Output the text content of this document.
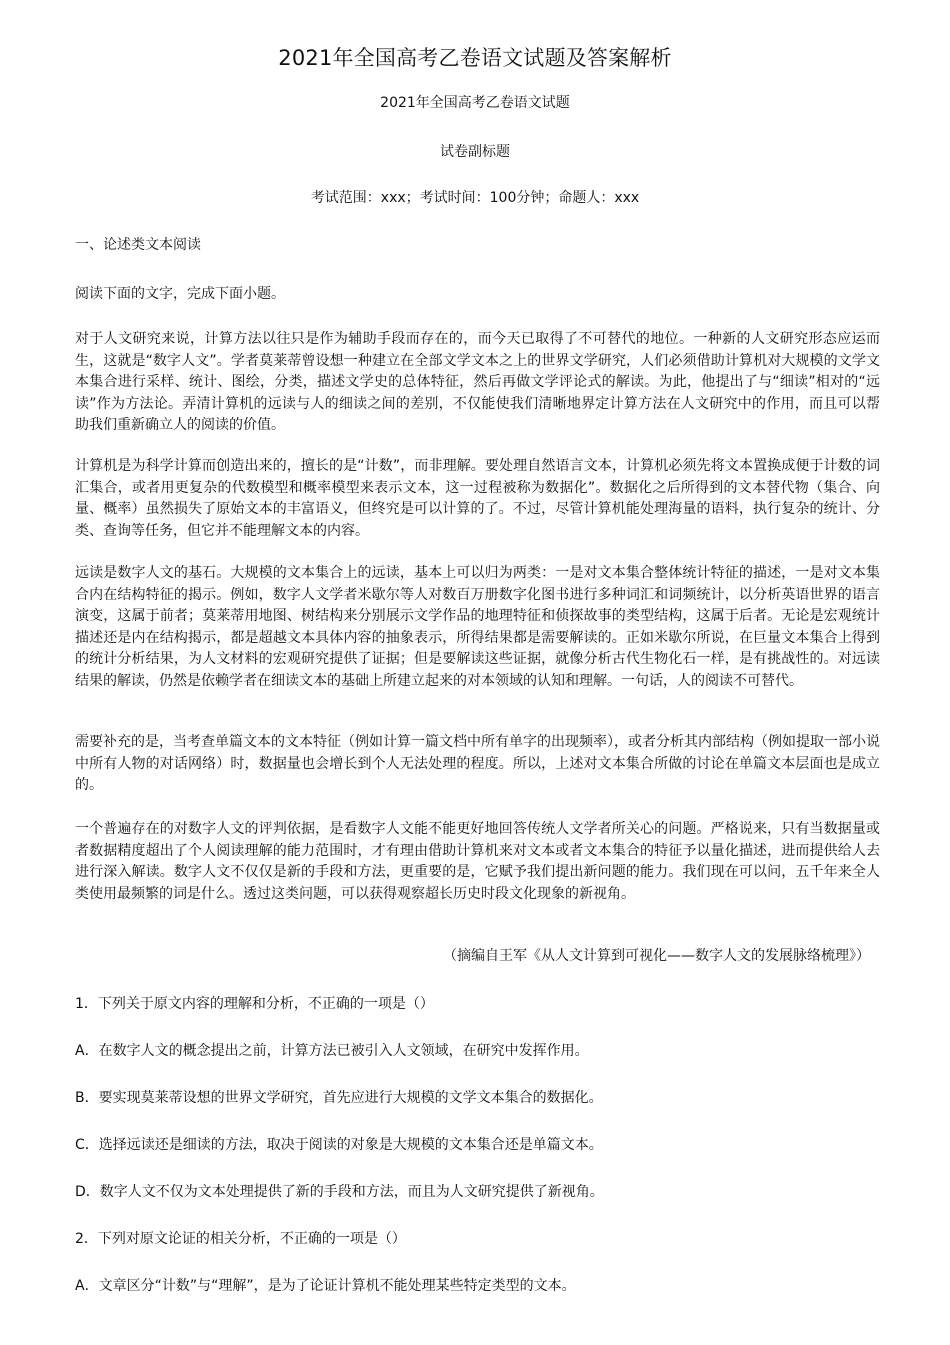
2021年全国高考乙卷语文试题及答案解析
2021年全国高考乙卷语文试题
试卷副标题
考试范围：xxx；考试时间：100分钟；命题人：xxx
一、论述类文本阅读
阅读下面的文字，完成下面小题。

对于人文研究来说，计算方法以往只是作为辅助手段而存在的，而今天已取得了不可替代的地位。一种新的人文研究形态应运而生，这就是“数字人文”。学者莫莱蒂曾设想一种建立在全部文学文本之上的世界文学研究，人们必须借助计算机对大规模的文学文本集合进行采样、统计、图绘，分类，描述文学史的总体特征，然后再做文学评论式的解读。为此，他提出了与“细读”相对的“远读”作为方法论。弄清计算机的远读与人的细读之间的差别，不仅能使我们清晰地界定计算方法在人文研究中的作用，而且可以帮助我们重新确立人的阅读的价值。

计算机是为科学计算而创造出来的，擅长的是“计数”，而非理解。要处理自然语言文本，计算机必须先将文本置换成便于计数的词汇集合，或者用更复杂的代数模型和概率模型来表示文本，这一过程被称为数据化”。数据化之后所得到的文本替代物（集合、向量、概率）虽然损失了原始文本的丰富语义，但终究是可以计算的了。不过，尽管计算机能处理海量的语料，执行复杂的统计、分类、查询等任务，但它并不能理解文本的内容。

远读是数字人文的基石。大规模的文本集合上的远读，基本上可以归为两类：一是对文本集合整体统计特征的描述，一是对文本集合内在结构特征的揭示。例如，数字人文学者米歇尔等人对数百万册数字化图书进行多种词汇和词频统计，以分析英语世界的语言演变，这属于前者；莫莱蒂用地图、树结构来分别展示文学作品的地理特征和侦探故事的类型结构，这属于后者。无论是宏观统计描述还是内在结构揭示，都是超越文本具体内容的抽象表示，所得结果都是需要解读的。正如米歇尔所说，在巨量文本集合上得到的统计分析结果，为人文材料的宏观研究提供了证据；但是要解读这些证据，就像分析古代生物化石一样，是有挑战性的。对远读结果的解读，仍然是依赖学者在细读文本的基础上所建立起来的对本领域的认知和理解。一句话，人的阅读不可替代。

需要补充的是，当考查单篇文本的文本特征（例如计算一篇文档中所有单字的出现频率），或者分析其内部结构（例如提取一部小说中所有人物的对话网络）时，数据量也会增长到个人无法处理的程度。所以，上述对文本集合所做的讨论在单篇文本层面也是成立的。

一个普遍存在的对数字人文的评判依据，是看数字人文能不能更好地回答传统人文学者所关心的问题。严格说来，只有当数据量或者数据精度超出了个人阅读理解的能力范围时，才有理由借助计算机来对文本或者文本集合的特征予以量化描述，进而提供给人去进行深入解读。数字人文不仅仅是新的手段和方法，更重要的是，它赋予我们提出新问题的能力。我们现在可以问，五千年来全人类使用最频繁的词是什么。透过这类问题，可以获得观察超长历史时段文化现象的新视角。

（摘编自王军《从人文计算到可视化——数字人文的发展脉络梳理》）
1．下列关于原文内容的理解和分析，不正确的一项是（）
A．在数字人文的概念提出之前，计算方法已被引入人文领域，在研究中发挥作用。
B．要实现莫莱蒂设想的世界文学研究，首先应进行大规模的文学文本集合的数据化。
C．选择远读还是细读的方法，取决于阅读的对象是大规模的文本集合还是单篇文本。
D．数字人文不仅为文本处理提供了新的手段和方法，而且为人文研究提供了新视角。
2．下列对原文论证的相关分析，不正确的一项是（）
A．文章区分“计数”与“理解”，是为了论证计算机不能处理某些特定类型的文本。
